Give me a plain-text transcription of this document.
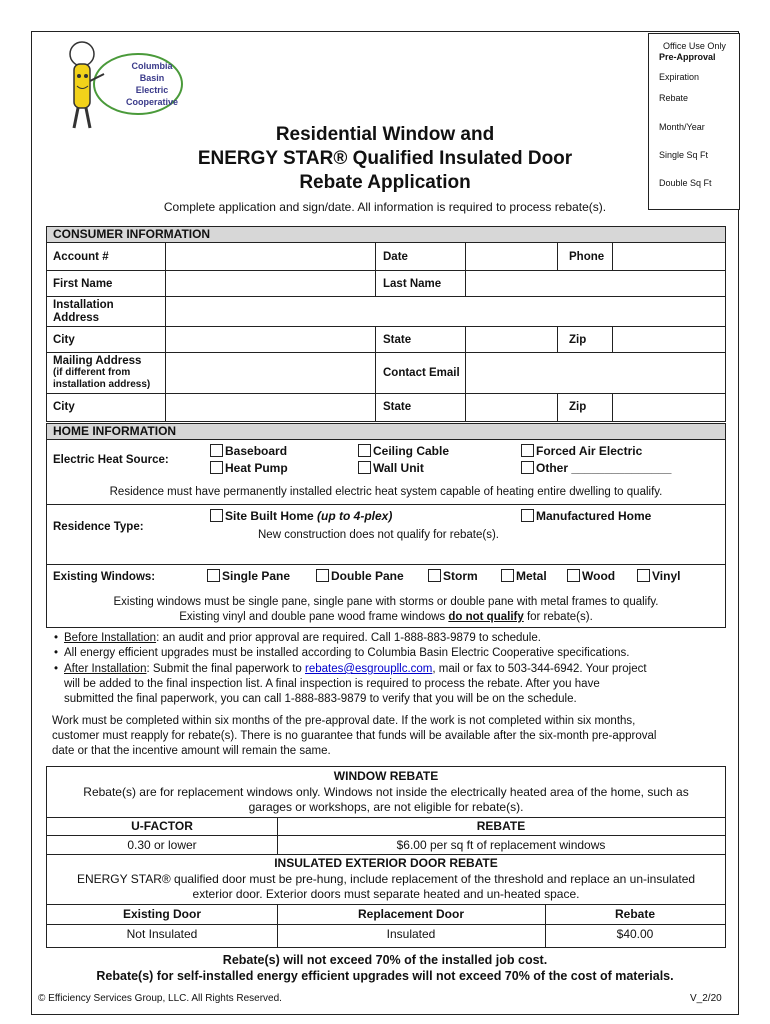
Columbia
Basin
Electric
Cooperative
Office Use Only
Pre-Approval
Expiration
Rebate
Month/Year
Single Sq Ft
Double Sq Ft
Residential Window and
ENERGY STAR® Qualified Insulated Door
Rebate Application
Complete application and sign/date. All information is required to process rebate(s).
CONSUMER INFORMATION
Account #	Date	Phone
First Name	Last Name
Installation
Address
City	State	Zip
Mailing Address
(if different from
installation address)
Contact Email
City	State	Zip
HOME INFORMATION
Electric Heat Source:
Baseboard
Heat Pump
Ceiling Cable
Wall Unit
Forced Air Electric
Other _______________
Residence must have permanently installed electric heat system capable of heating entire dwelling to qualify.
Residence Type:
Site Built Home (up to 4-plex)	Manufactured Home
New construction does not qualify for rebate(s).
Existing Windows:	Single Pane	Double Pane	Storm	Metal	Wood	Vinyl
Existing windows must be single pane, single pane with storms or double pane with metal frames to qualify.
Existing vinyl and double pane wood frame windows do not qualify for rebate(s).
• Before Installation: an audit and prior approval are required. Call 1-888-883-9879 to schedule.
• All energy efficient upgrades must be installed according to Columbia Basin Electric Cooperative specifications.
• After Installation: Submit the final paperwork to rebates@esgroupllc.com, mail or fax to 503-344-6942. Your project
will be added to the final inspection list. A final inspection is required to process the rebate. After you have
submitted the final paperwork, you can call 1-888-883-9879 to verify that you will be on the schedule.
Work must be completed within six months of the pre-approval date. If the work is not completed within six months,
customer must reapply for rebate(s). There is no guarantee that funds will be available after the six-month pre-approval
date or that the incentive amount will remain the same.
WINDOW REBATE
Rebate(s) are for replacement windows only. Windows not inside the electrically heated area of the home, such as
garages or workshops, are not eligible for rebate(s).
U-FACTOR	REBATE
0.30 or lower	$6.00 per sq ft of replacement windows
INSULATED EXTERIOR DOOR REBATE
ENERGY STAR® qualified door must be pre-hung, include replacement of the threshold and replace an un-insulated
exterior door. Exterior doors must separate heated and un-heated space.
Existing Door	Replacement Door	Rebate
Not Insulated	Insulated	$40.00
Rebate(s) will not exceed 70% of the installed job cost.
Rebate(s) for self-installed energy efficient upgrades will not exceed 70% of the cost of materials.
© Efficiency Services Group, LLC. All Rights Reserved.	V_2/20
